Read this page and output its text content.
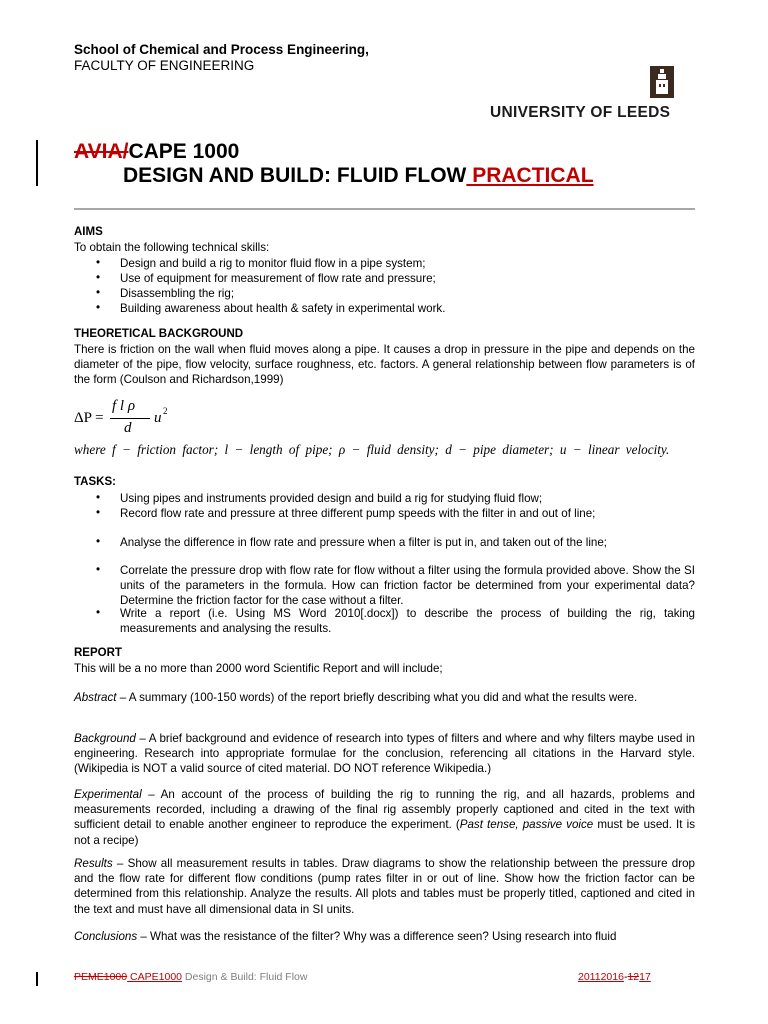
School of Chemical and Process Engineering,
FACULTY OF ENGINEERING
UNIVERSITY OF LEEDS
AVIA/CAPE 1000
DESIGN AND BUILD: FLUID FLOW PRACTICAL
AIMS
To obtain the following technical skills:
• Design and build a rig to monitor fluid flow in a pipe system;
• Use of equipment for measurement of flow rate and pressure;
• Disassembling the rig;
• Building awareness about health & safety in experimental work.
THEORETICAL BACKGROUND
There is friction on the wall when fluid moves along a pipe. It causes a drop in pressure in the pipe and depends on the diameter of the pipe, flow velocity, surface roughness, etc. factors. A general relationship between flow parameters is of the form (Coulson and Richardson,1999)
ΔP =
f l ρ
d
u 2
where f − friction factor; l − length of pipe; ρ − fluid density; d − pipe diameter; u − linear velocity.
TASKS:
• Using pipes and instruments provided design and build a rig for studying fluid flow;
• Record flow rate and pressure at three different pump speeds with the filter in and out of line;
• Analyse the difference in flow rate and pressure when a filter is put in, and taken out of the line;
• Correlate the pressure drop with flow rate for flow without a filter using the formula provided above. Show the SI units of the parameters in the formula. How can friction factor be determined from your experimental data? Determine the friction factor for the case without a filter.
• Write a report (i.e. Using MS Word 2010[.docx]) to describe the process of building the rig, taking measurements and analysing the results.
REPORT
This will be a no more than 2000 word Scientific Report and will include;
Abstract – A summary (100-150 words) of the report briefly describing what you did and what the results were.
Background – A brief background and evidence of research into types of filters and where and why filters maybe used in engineering. Research into appropriate formulae for the conclusion, referencing all citations in the Harvard style. (Wikipedia is NOT a valid source of cited material. DO NOT reference Wikipedia.)
Experimental – An account of the process of building the rig to running the rig, and all hazards, problems and measurements recorded, including a drawing of the final rig assembly properly captioned and cited in the text with sufficient detail to enable another engineer to reproduce the experiment. (Past tense, passive voice must be used. It is not a recipe)
Results – Show all measurement results in tables. Draw diagrams to show the relationship between the pressure drop and the flow rate for different flow conditions (pump rates filter in or out of line. Show how the friction factor can be determined from this relationship. Analyze the results. All plots and tables must be properly titled, captioned and cited in the text and must have all dimensional data in SI units.
Conclusions – What was the resistance of the filter? Why was a difference seen? Using research into fluid
PEME1000 CAPE1000 Design & Build: Fluid Flow	20112016-1217
